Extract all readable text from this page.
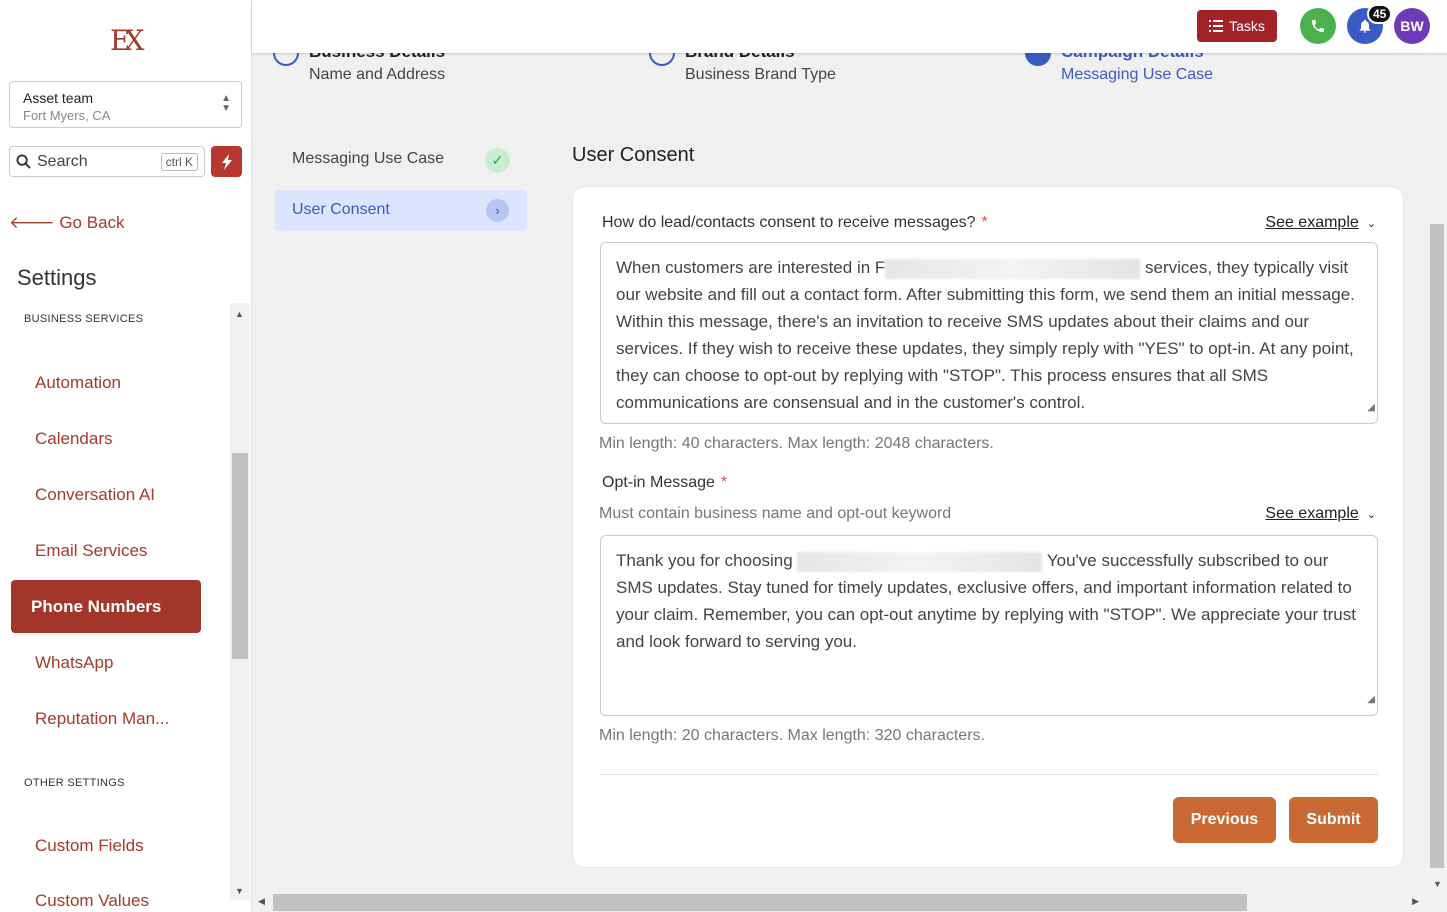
EX
Asset team
Fort Myers, CA
▲
▼
Search	ctrl K
🡐 Go Back
Settings
BUSINESS SERVICES
Automation
Calendars
Conversation AI
Email Services
Phone Numbers
WhatsApp
Reputation Man...
OTHER SETTINGS
Custom Fields
Custom Values
▲
▼
Name and Address	Business Brand Type	Messaging Use Case
Tasks
45
BW
Messaging Use Case	✓
User Consent	›
User Consent
How do lead/contacts consent to receive messages? *	See example ⌄
When customers are interested in F	services, they typically visit our website and fill out a contact form. After submitting this form, we send them an initial message. Within this message, there's an invitation to receive SMS updates about their claims and our services. If they wish to receive these updates, they simply reply with "YES" to opt-in. At any point, they can choose to opt-out by replying with "STOP". This process ensures that all SMS communications are consensual and in the customer's control.	◢
Min length: 40 characters. Max length: 2048 characters.
Opt-in Message *
Must contain business name and opt-out keyword	See example ⌄
Thank you for choosing	You've successfully subscribed to our SMS updates. Stay tuned for timely updates, exclusive offers, and important information related to your claim. Remember, you can opt-out anytime by replying with "STOP". We appreciate your trust and look forward to serving you.
◢
Min length: 20 characters. Max length: 320 characters.
Previous	Submit
▼
◀	▶
